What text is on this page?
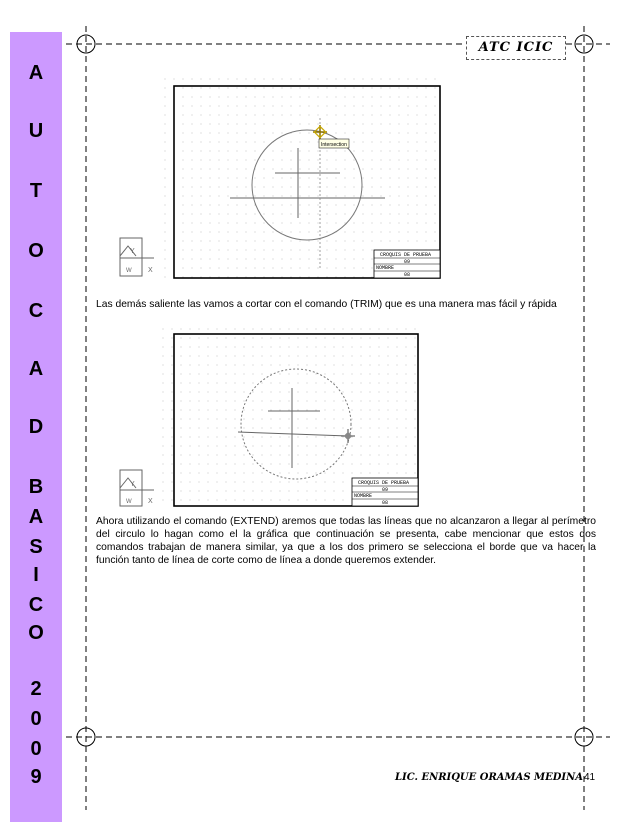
A
U
T
O
C
A
D
B
A
S
I
C
O
2
0
0
9
ATC ICIC
Intersection
Y
W X
CROQUIS DE PRUEBA
09
NOMBRE
08

Las demás saliente las vamos a cortar con el comando (TRIM) que es una manera mas fácil y rápida

Y
W X
CROQUIS DE PRUEBA
09
NOMBRE
08

Ahora utilizando el comando (EXTEND) aremos que todas las líneas que no alcanzaron a llegar al perímetro del circulo lo hagan como el la gráfica que continuación se presenta, cabe mencionar que estos dos comandos trabajan de manera similar, ya que a los dos primero se selecciona el borde que va hacer la función tanto de línea de corte como de línea a donde queremos extender.

LIC. ENRIQUE ORAMAS MEDINA 41
